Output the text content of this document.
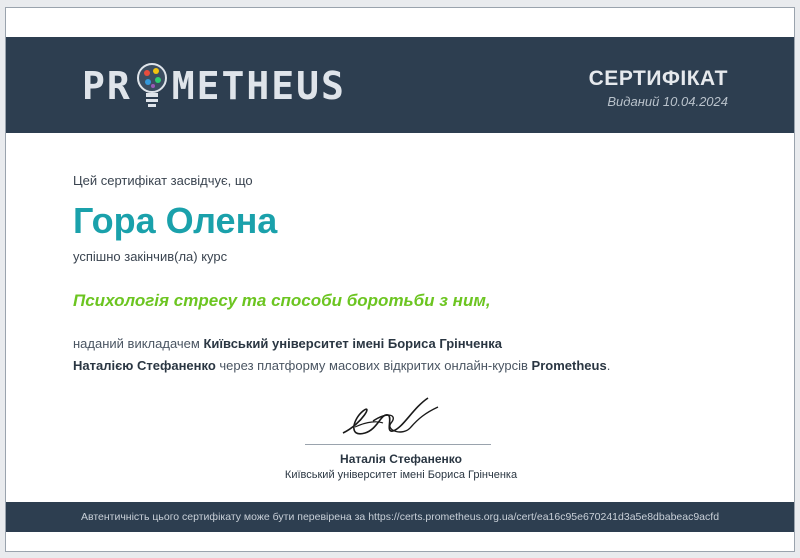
PR METHEUS	СЕРТИФІКАТ
Виданий 10.04.2024
Цей сертифікат засвідчує, що
Гора Олена
успішно закінчив(ла) курс
Психологія стресу та способи боротьби з ним,
наданий викладачем Київський університет імені Бориса Грінченка
Наталією Стефаненко через платформу масових відкритих онлайн-курсів Prometheus.
Наталія Стефаненко
Київський університет імені Бориса Грінченка
Автентичність цього сертифікату може бути перевірена за https://certs.prometheus.org.ua/cert/ea16c95e670241d3a5e8dbabeac9acfd
